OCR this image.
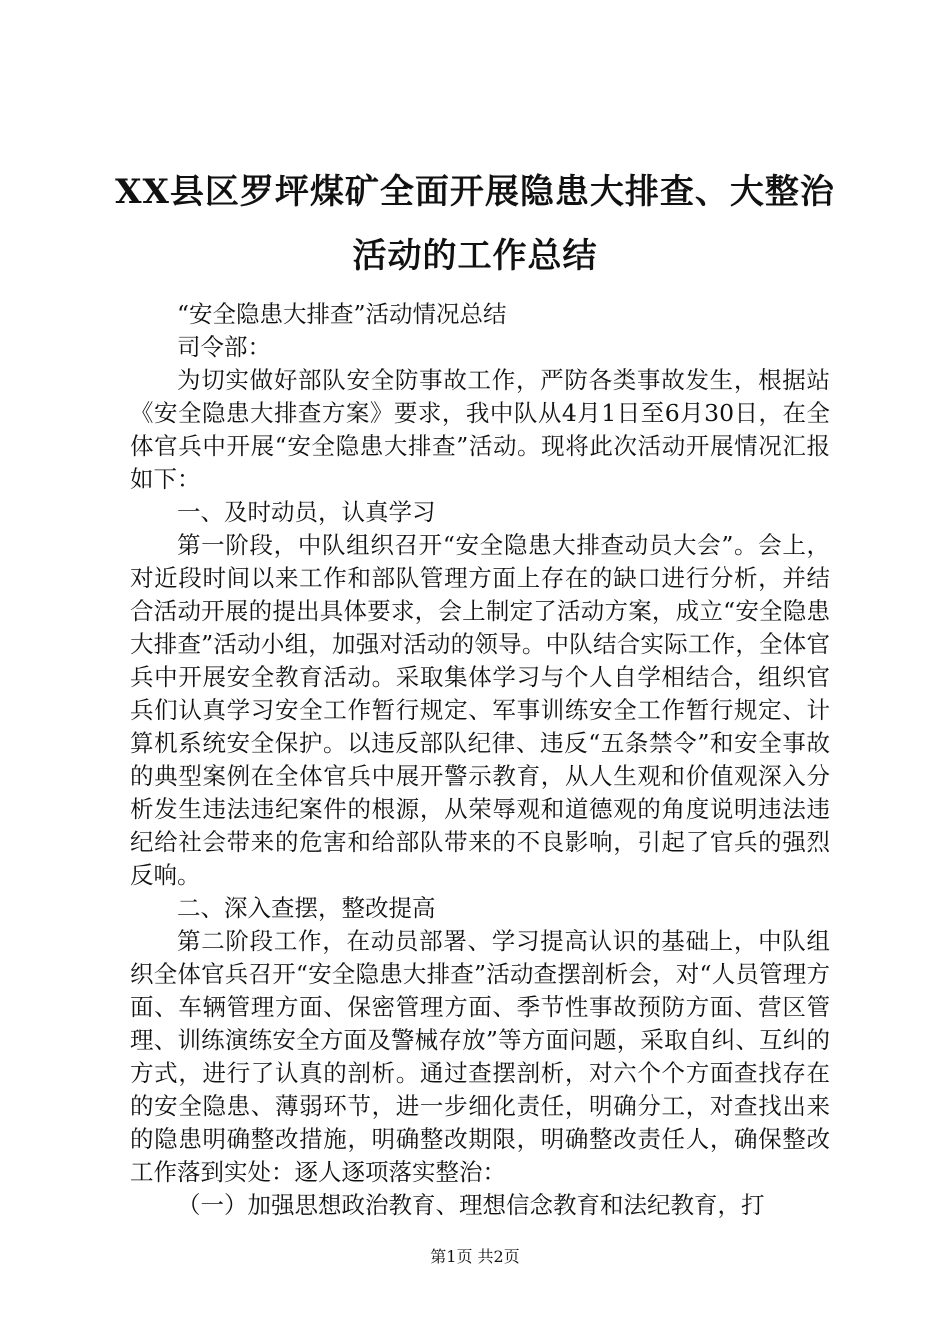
XX县区罗坪煤矿全面开展隐患大排查、大整治活动的工作总结

“安全隐患大排查”活动情况总结

司令部：

为切实做好部队安全防事故工作，严防各类事故发生，根据站《安全隐患大排查方案》要求，我中队从4月1日至6月30日，在全体官兵中开展“安全隐患大排查”活动。现将此次活动开展情况汇报如下：

一、及时动员，认真学习

第一阶段，中队组织召开“安全隐患大排查动员大会”。会上，对近段时间以来工作和部队管理方面上存在的缺口进行分析，并结合活动开展的提出具体要求，会上制定了活动方案，成立“安全隐患大排查”活动小组，加强对活动的领导。中队结合实际工作，全体官兵中开展安全教育活动。采取集体学习与个人自学相结合，组织官兵们认真学习安全工作暂行规定、军事训练安全工作暂行规定、计算机系统安全保护。以违反部队纪律、违反“五条禁令”和安全事故的典型案例在全体官兵中展开警示教育，从人生观和价值观深入分析发生违法违纪案件的根源，从荣辱观和道德观的角度说明违法违纪给社会带来的危害和给部队带来的不良影响，引起了官兵的强烈反响。

二、深入查摆，整改提高

第二阶段工作，在动员部署、学习提高认识的基础上，中队组织全体官兵召开“安全隐患大排查”活动查摆剖析会，对“人员管理方面、车辆管理方面、保密管理方面、季节性事故预防方面、营区管理、训练演练安全方面及警械存放”等方面问题，采取自纠、互纠的方式，进行了认真的剖析。通过查摆剖析，对六个个方面查找存在的安全隐患、薄弱环节，进一步细化责任，明确分工，对查找出来的隐患明确整改措施，明确整改期限，明确整改责任人，确保整改工作落到实处：逐人逐项落实整治：

（一）加强思想政治教育、理想信念教育和法纪教育，打

第1页 共2页
